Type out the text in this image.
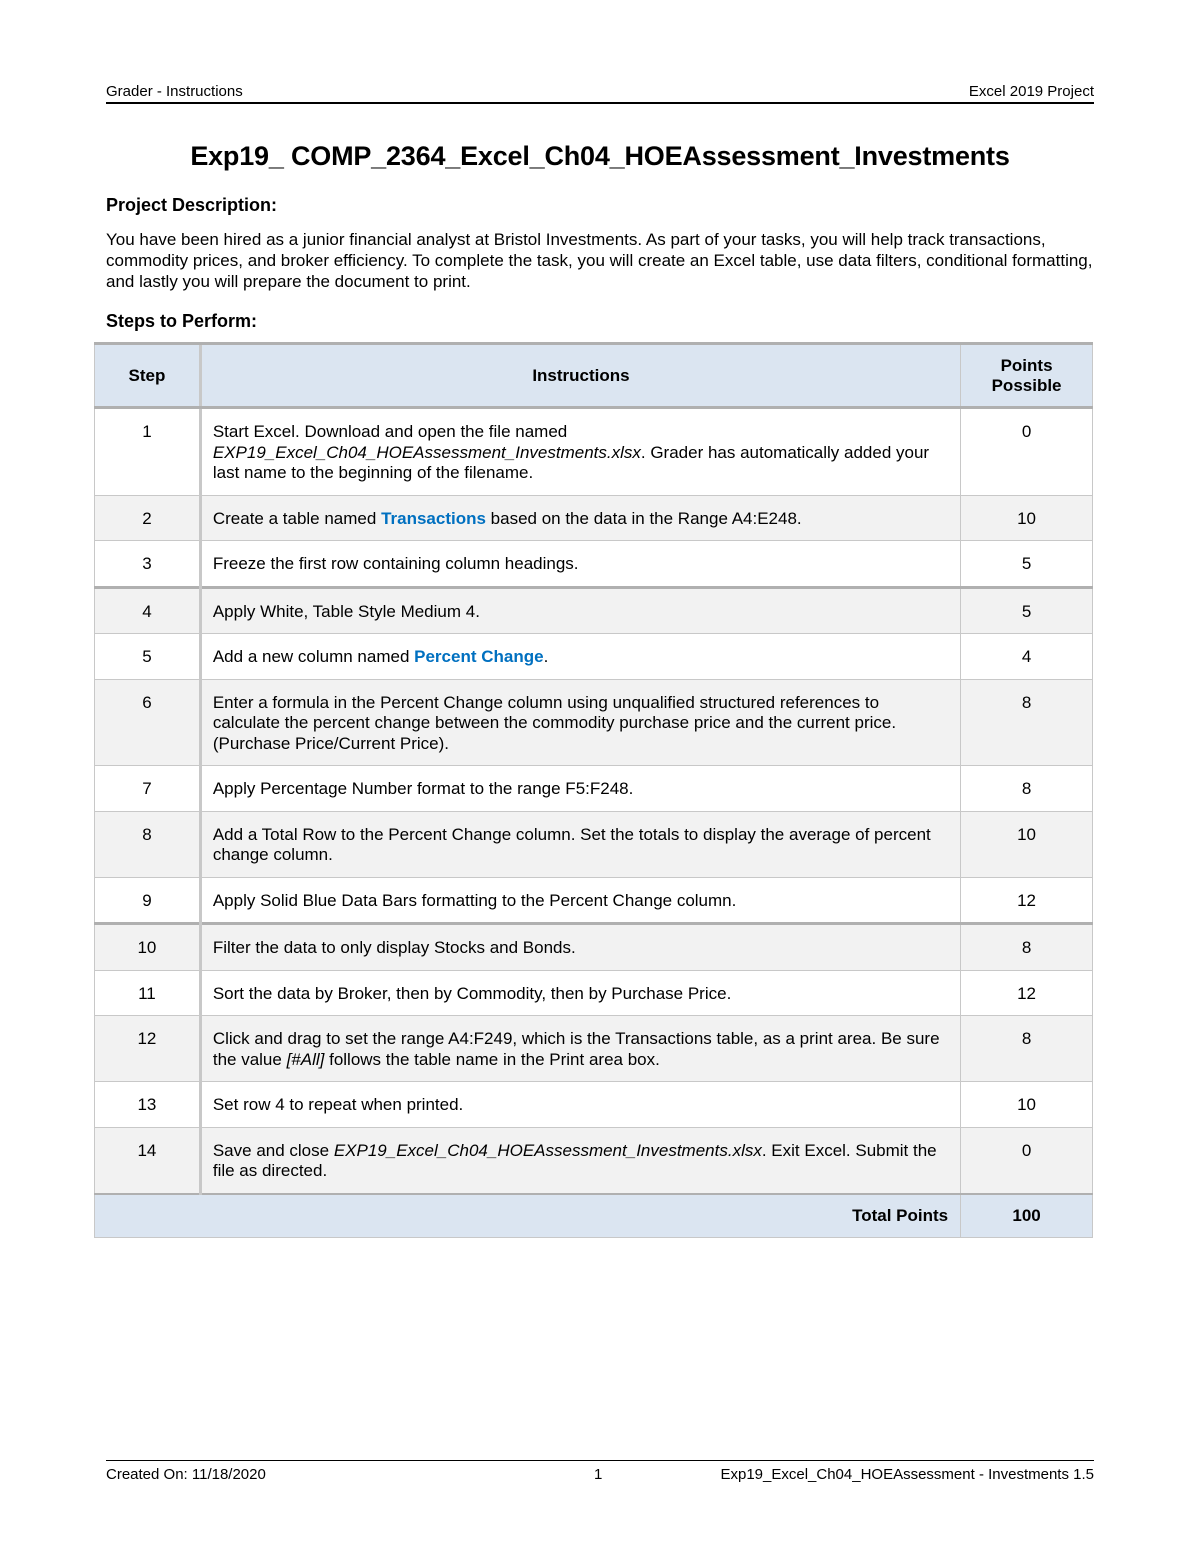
Grader - Instructions	Excel 2019 Project
Exp19_ COMP_2364_Excel_Ch04_HOEAssessment_Investments
Project Description:
You have been hired as a junior financial analyst at Bristol Investments. As part of your tasks, you will help track transactions, commodity prices, and broker efficiency. To complete the task, you will create an Excel table, use data filters, conditional formatting, and lastly you will prepare the document to print.
Steps to Perform:
Step	Instructions	Points
Possible
1	Start Excel. Download and open the file named EXP19_Excel_Ch04_HOEAssessment_Investments.xlsx. Grader has automatically added your last name to the beginning of the filename.	0
2	Create a table named Transactions based on the data in the Range A4:E248.	10
3	Freeze the first row containing column headings.	5
4	Apply White, Table Style Medium 4.	5
5	Add a new column named Percent Change.	4
6	Enter a formula in the Percent Change column using unqualified structured references to calculate the percent change between the commodity purchase price and the current price. (Purchase Price/Current Price).	8
7	Apply Percentage Number format to the range F5:F248.	8
8	Add a Total Row to the Percent Change column. Set the totals to display the average of percent change column.	10
9	Apply Solid Blue Data Bars formatting to the Percent Change column.	12
10	Filter the data to only display Stocks and Bonds.	8
11	Sort the data by Broker, then by Commodity, then by Purchase Price.	12
12	Click and drag to set the range A4:F249, which is the Transactions table, as a print area. Be sure the value [#All] follows the table name in the Print area box.	8
13	Set row 4 to repeat when printed.	10
14	Save and close EXP19_Excel_Ch04_HOEAssessment_Investments.xlsx. Exit Excel. Submit the file as directed.	0
Total Points		100
Created On: 11/18/2020	1	Exp19_Excel_Ch04_HOEAssessment - Investments 1.5
